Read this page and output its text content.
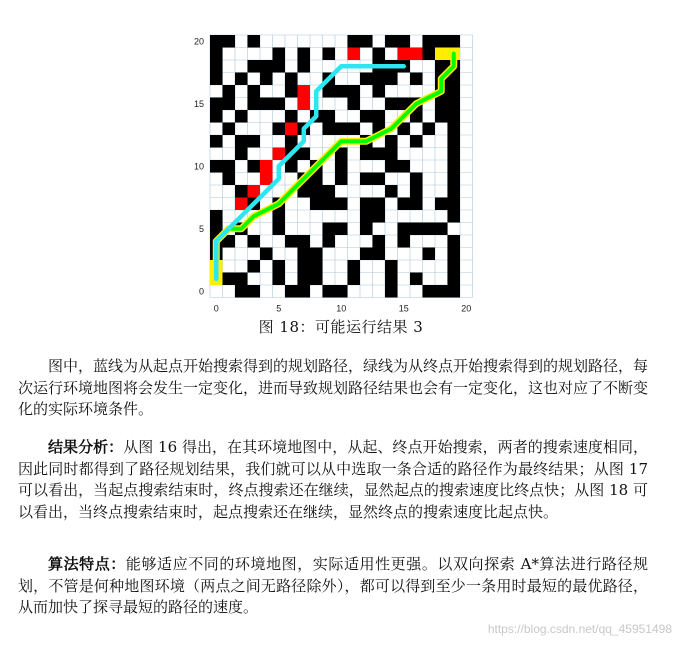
0	5	10	15	20
0
5
10
15
20
图 18：可能运行结果 3

图中，蓝线为从起点开始搜索得到的规划路径，绿线为从终点开始搜索得到的规划路径，每次运行环境地图将会发生一定变化，进而导致规划路径结果也会有一定变化，这也对应了不断变化的实际环境条件。

结果分析：从图 16 得出，在其环境地图中，从起、终点开始搜索，两者的搜索速度相同，因此同时都得到了路径规划结果，我们就可以从中选取一条合适的路径作为最终结果；从图 17 可以看出，当起点搜索结束时，终点搜索还在继续，显然起点的搜索速度比终点快；从图 18 可以看出，当终点搜索结束时，起点搜索还在继续，显然终点的搜索速度比起点快。

算法特点：能够适应不同的环境地图，实际适用性更强。以双向探索 A*算法进行路径规划，不管是何种地图环境（两点之间无路径除外），都可以得到至少一条用时最短的最优路径，从而加快了探寻最短的路径的速度。

https://blog.csdn.net/qq_45951498
